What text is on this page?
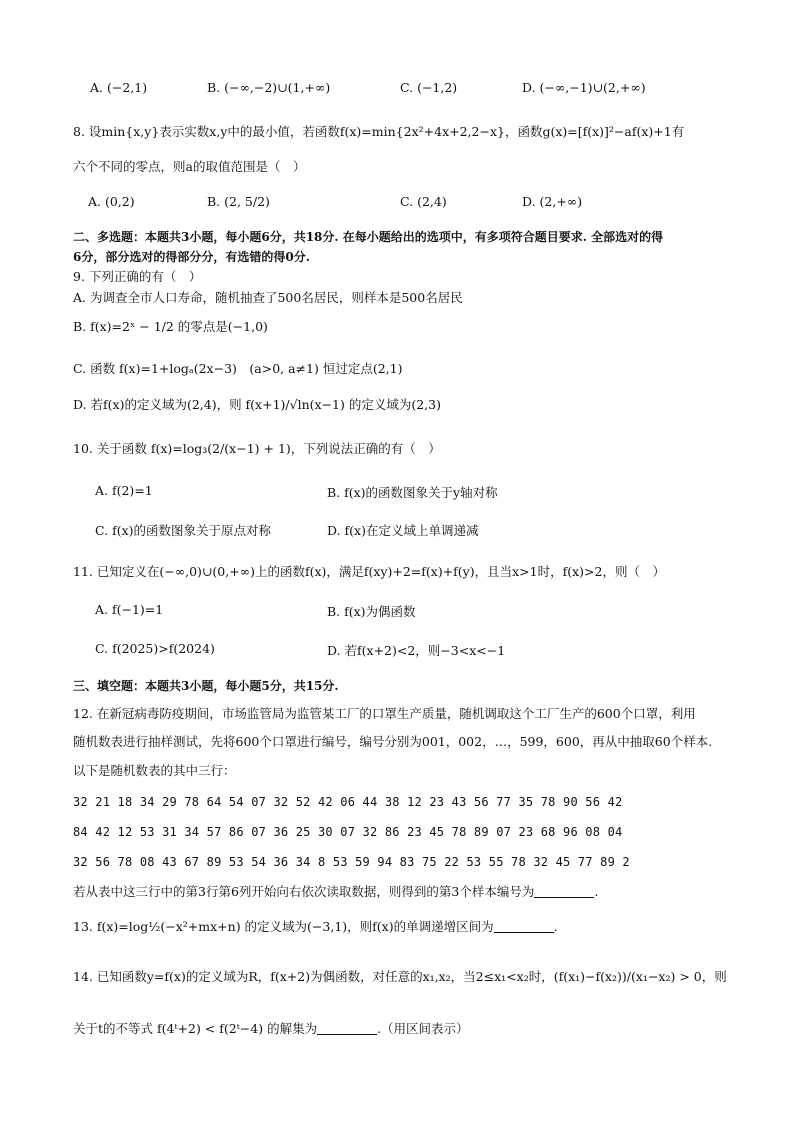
A. (−2,1)	B. (−∞,−2)∪(1,+∞)	C. (−1,2)	D. (−∞,−1)∪(2,+∞)
8. 设min{x,y}表示实数x,y中的最小值，若函数f(x)=min{2x²+4x+2,2−x}，函数g(x)=[f(x)]²−af(x)+1有
六个不同的零点，则a的取值范围是（　）
A. (0,2)	B. (2, 5/2)	C. (2,4)	D. (2,+∞)
二、多选题：本题共3小题，每小题6分，共18分. 在每小题给出的选项中，有多项符合题目要求. 全部选对的得
6分，部分选对的得部分分，有选错的得0分.
9. 下列正确的有（　）
A. 为调查全市人口寿命，随机抽查了500名居民，则样本是500名居民
B. f(x)=2ˣ − 1/2 的零点是(−1,0)
C. 函数 f(x)=1+logₐ(2x−3)　(a>0, a≠1) 恒过定点(2,1)
D. 若f(x)的定义域为(2,4)，则 f(x+1)/√ln(x−1) 的定义域为(2,3)
10. 关于函数 f(x)=log₃(2/(x−1) + 1)，下列说法正确的有（　）
A. f(2)=1	B. f(x)的函数图象关于y轴对称
C. f(x)的函数图象关于原点对称	D. f(x)在定义域上单调递减
11. 已知定义在(−∞,0)∪(0,+∞)上的函数f(x)，满足f(xy)+2=f(x)+f(y)，且当x>1时，f(x)>2，则（　）
A. f(−1)=1	B. f(x)为偶函数
C. f(2025)>f(2024)	D. 若f(x+2)<2，则−3<x<−1
三、填空题：本题共3小题，每小题5分，共15分.
12. 在新冠病毒防疫期间，市场监管局为监管某工厂的口罩生产质量，随机调取这个工厂生产的600个口罩，利用
随机数表进行抽样测试，先将600个口罩进行编号，编号分别为001，002，…，599，600，再从中抽取60个样本.
以下是随机数表的其中三行：
32 21 18 34 29 78 64 54 07 32 52 42 06 44 38 12 23 43 56 77 35 78 90 56 42
84 42 12 53 31 34 57 86 07 36 25 30 07 32 86 23 45 78 89 07 23 68 96 08 04
32 56 78 08 43 67 89 53 54 36 34 8 53 59 94 83 75 22 53 55 78 32 45 77 89 2
若从表中这三行中的第3行第6列开始向右依次读取数据，则得到的第3个样本编号为	.
13. f(x)=log½(−x²+mx+n) 的定义域为(−3,1)，则f(x)的单调递增区间为	.
14. 已知函数y=f(x)的定义域为R，f(x+2)为偶函数，对任意的x₁,x₂，当2≤x₁<x₂时，(f(x₁)−f(x₂))/(x₁−x₂) > 0，则
关于t的不等式 f(4ᵗ+2) < f(2ᵗ−4) 的解集为	.（用区间表示）
